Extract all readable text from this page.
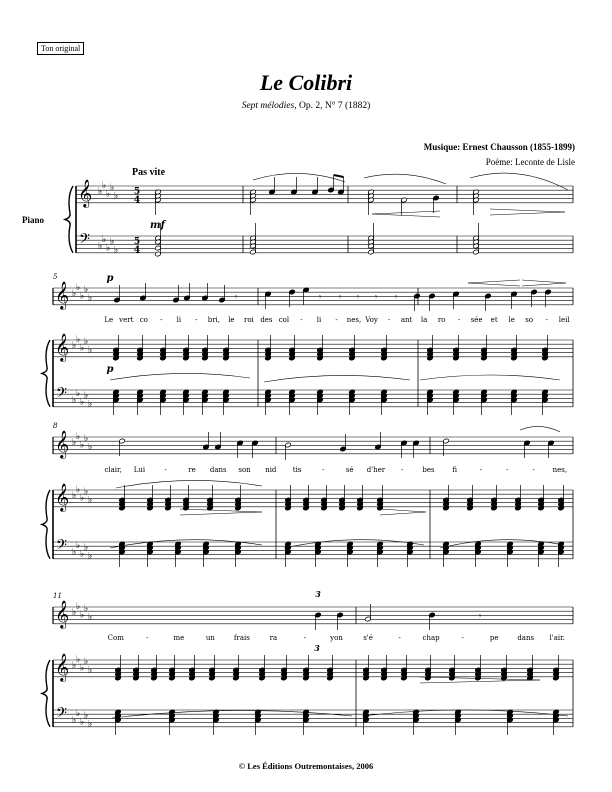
Ton original
Le Colibri
Sept mélodies, Op. 2, N° 7 (1882)
Musique: Ernest Chausson (1855-1899)
Poème: Leconte de Lisle
Pas vite
Piano
𝄞
𝄢
♭
♭
♭
♭
♭
♭
♭
♭
♭
♭
5
4
5
4
mf
𝄞
𝄞
𝄢
♭
♭
♭
♭
♭
♭
♭
♭
♭
♭
♭
♭
♭
♭
♭
5
𝄾	𝄾 𝄾 𝄾 𝄾 𝄾
Le vert co - li - bri, le roi des col - li - nes, Voy - ant la ro - sée et le so - leil
p
p
𝄞
𝄞
𝄢
♭
♭
♭
♭
♭
♭
♭
♭
♭
♭
♭
♭
♭
♭
♭
8
clair, Lui	-	re dans son nid tis	-	sé d'her -	bes	fi	-	-	-	nes,
𝄞
𝄞
𝄢
♭
♭
♭
♭
♭
♭
♭
♭
♭
♭
♭
♭
♭
♭
♭
11
𝄾
Com	-	me	un	frais	ra	-	yon	s'é	-	chap	-	pe	dans l'air.
3
3
© Les Éditions Outremontaises, 2006
